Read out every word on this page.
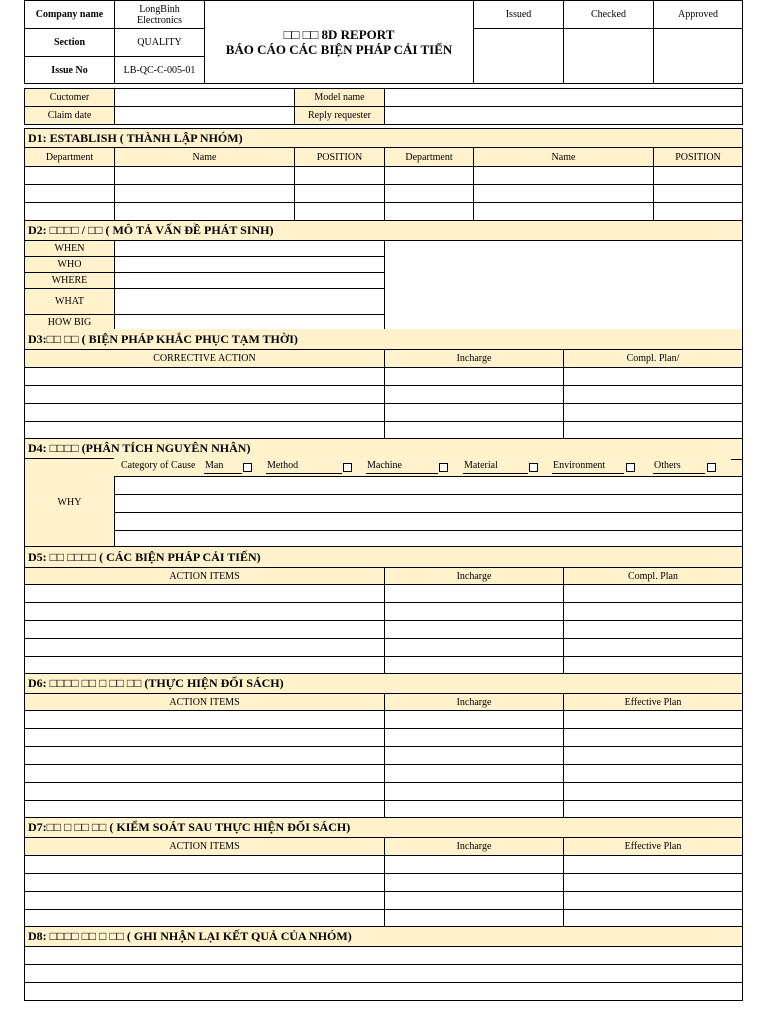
Company name	LongBinh
Electronics
Section	QUALITY
Issue No	LB-QC-C-005-01
□□ □□ 8D REPORT
BÁO CÁO CÁC BIỆN PHÁP CẢI TIẾN
Issued	Checked	Approved
Cuctomer	Model name
Claim date	Reply requester
D1: ESTABLISH ( THÀNH LẬP NHÓM)
Department	Name	POSITION	Department	Name	POSITION
D2: □□□□ / □□ ( MÔ TẢ VẤN ĐỀ PHÁT SINH)
WHEN
WHO
WHERE
WHAT
HOW BIG
D3:□□ □□ ( BIỆN PHÁP KHẮC PHỤC TẠM THỜI)
CORRECTIVE ACTION	Incharge	Compl. Plan/
D4: □□□□ (PHÂN TÍCH NGUYÊN NHÂN)
WHY
Category of Cause Man	Method	Machine	Material	Environment	Others
D5: □□ □□□□ ( CÁC BIỆN PHÁP CẢI TIẾN)
ACTION ITEMS	Incharge	Compl. Plan
D6: □□□□ □□ □ □□ □□ (THỰC HIỆN ĐỐI SÁCH)
ACTION ITEMS	Incharge	Effective Plan
D7:□□ □ □□ □□ ( KIỂM SOÁT SAU THỰC HIỆN ĐỐI SÁCH)
ACTION ITEMS	Incharge	Effective Plan
D8: □□□□ □□ □ □□ ( GHI NHẬN LẠI KẾT QUẢ CỦA NHÓM)
